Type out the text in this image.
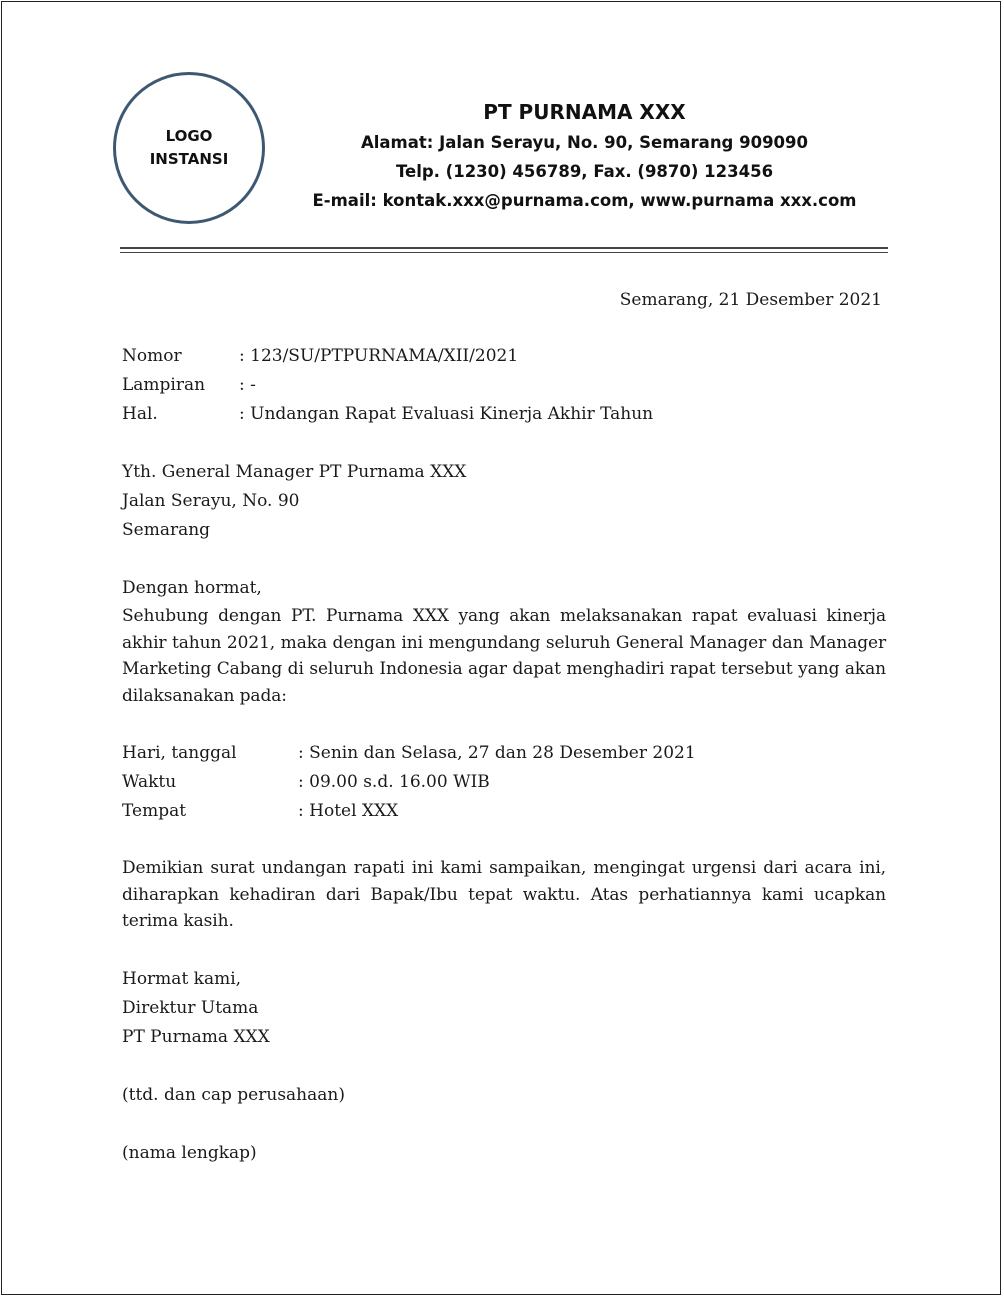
LOGO
INSTANSI
PT PURNAMA XXX
Alamat: Jalan Serayu, No. 90, Semarang 909090
Telp. (1230) 456789, Fax. (9870) 123456
E-mail: kontak.xxx@purnama.com, www.purnama xxx.com
Semarang, 21 Desember 2021
Nomor	: 123/SU/PTPURNAMA/XII/2021
Lampiran	: -
Hal.	: Undangan Rapat Evaluasi Kinerja Akhir Tahun
Yth. General Manager PT Purnama XXX
Jalan Serayu, No. 90
Semarang
Dengan hormat,
Sehubung dengan PT. Purnama XXX yang akan melaksanakan rapat evaluasi kinerja akhir tahun 2021, maka dengan ini mengundang seluruh General Manager dan Manager Marketing Cabang di seluruh Indonesia agar dapat menghadiri rapat tersebut yang akan dilaksanakan pada:
Hari, tanggal	: Senin dan Selasa, 27 dan 28 Desember 2021
Waktu	: 09.00 s.d. 16.00 WIB
Tempat	: Hotel XXX
Demikian surat undangan rapati ini kami sampaikan, mengingat urgensi dari acara ini, diharapkan kehadiran dari Bapak/Ibu tepat waktu. Atas perhatiannya kami ucapkan terima kasih.
Hormat kami,
Direktur Utama
PT Purnama XXX
(ttd. dan cap perusahaan)
(nama lengkap)
